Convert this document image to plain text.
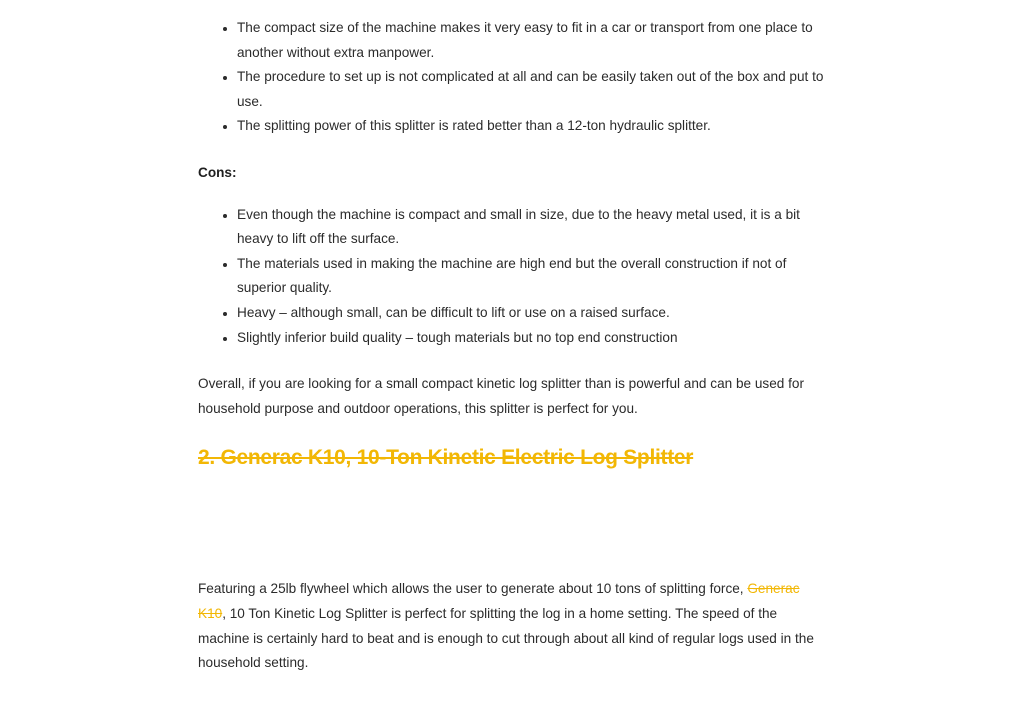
• The compact size of the machine makes it very easy to fit in a car or transport from one place to another without extra manpower.
• The procedure to set up is not complicated at all and can be easily taken out of the box and put to use.
• The splitting power of this splitter is rated better than a 12-ton hydraulic splitter.

Cons:

• Even though the machine is compact and small in size, due to the heavy metal used, it is a bit heavy to lift off the surface.
• The materials used in making the machine are high end but the overall construction if not of superior quality.
• Heavy – although small, can be difficult to lift or use on a raised surface.
• Slightly inferior build quality – tough materials but no top end construction

Overall, if you are looking for a small compact kinetic log splitter than is powerful and can be used for household purpose and outdoor operations, this splitter is perfect for you.

2. Generac K10, 10-Ton Kinetic Electric Log Splitter

Featuring a 25lb flywheel which allows the user to generate about 10 tons of splitting force, Generac K10, 10 Ton Kinetic Log Splitter is perfect for splitting the log in a home setting. The speed of the machine is certainly hard to beat and is enough to cut through about all kind of regular logs used in the household setting.
